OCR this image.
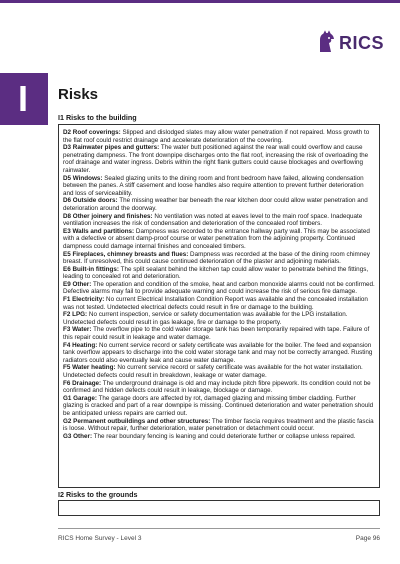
RICS
I	Risks
I1 Risks to the building

D2 Roof coverings: Slipped and dislodged slates may allow water penetration if not repaired. Moss growth to the flat roof could restrict drainage and accelerate deterioration of the covering.

D3 Rainwater pipes and gutters: The water butt positioned against the rear wall could overflow and cause penetrating dampness. The front downpipe discharges onto the flat roof, increasing the risk of overloading the roof drainage and water ingress. Debris within the right flank gutters could cause blockages and overflowing rainwater.

D5 Windows: Sealed glazing units to the dining room and front bedroom have failed, allowing condensation between the panes. A stiff casement and loose handles also require attention to prevent further deterioration and loss of serviceability.

D6 Outside doors: The missing weather bar beneath the rear kitchen door could allow water penetration and deterioration around the doorway.

D8 Other joinery and finishes: No ventilation was noted at eaves level to the main roof space. Inadequate ventilation increases the risk of condensation and deterioration of the concealed roof timbers.

E3 Walls and partitions: Dampness was recorded to the entrance hallway party wall. This may be associated with a defective or absent damp-proof course or water penetration from the adjoining property. Continued dampness could damage internal finishes and concealed timbers.

E5 Fireplaces, chimney breasts and flues: Dampness was recorded at the base of the dining room chimney breast. If unresolved, this could cause continued deterioration of the plaster and adjoining materials.

E6 Built-in fittings: The split sealant behind the kitchen tap could allow water to penetrate behind the fittings, leading to concealed rot and deterioration.

E9 Other: The operation and condition of the smoke, heat and carbon monoxide alarms could not be confirmed. Defective alarms may fail to provide adequate warning and could increase the risk of serious fire damage.

F1 Electricity: No current Electrical Installation Condition Report was available and the concealed installation was not tested. Undetected electrical defects could result in fire or damage to the building.

F2 LPG: No current inspection, service or safety documentation was available for the LPG installation. Undetected defects could result in gas leakage, fire or damage to the property.

F3 Water: The overflow pipe to the cold water storage tank has been temporarily repaired with tape. Failure of this repair could result in leakage and water damage.

F4 Heating: No current service record or safety certificate was available for the boiler. The feed and expansion tank overflow appears to discharge into the cold water storage tank and may not be correctly arranged. Rusting radiators could also eventually leak and cause water damage.

F5 Water heating: No current service record or safety certificate was available for the hot water installation. Undetected defects could result in breakdown, leakage or water damage.

F6 Drainage: The underground drainage is old and may include pitch fibre pipework. Its condition could not be confirmed and hidden defects could result in leakage, blockage or damage.

G1 Garage: The garage doors are affected by rot, damaged glazing and missing timber cladding. Further glazing is cracked and part of a rear downpipe is missing. Continued deterioration and water penetration should be anticipated unless repairs are carried out.

G2 Permanent outbuildings and other structures: The timber fascia requires treatment and the plastic fascia is loose. Without repair, further deterioration, water penetration or detachment could occur.

G3 Other: The rear boundary fencing is leaning and could deteriorate further or collapse unless repaired.

I2 Risks to the grounds
RICS Home Survey - Level 3	Page 96
